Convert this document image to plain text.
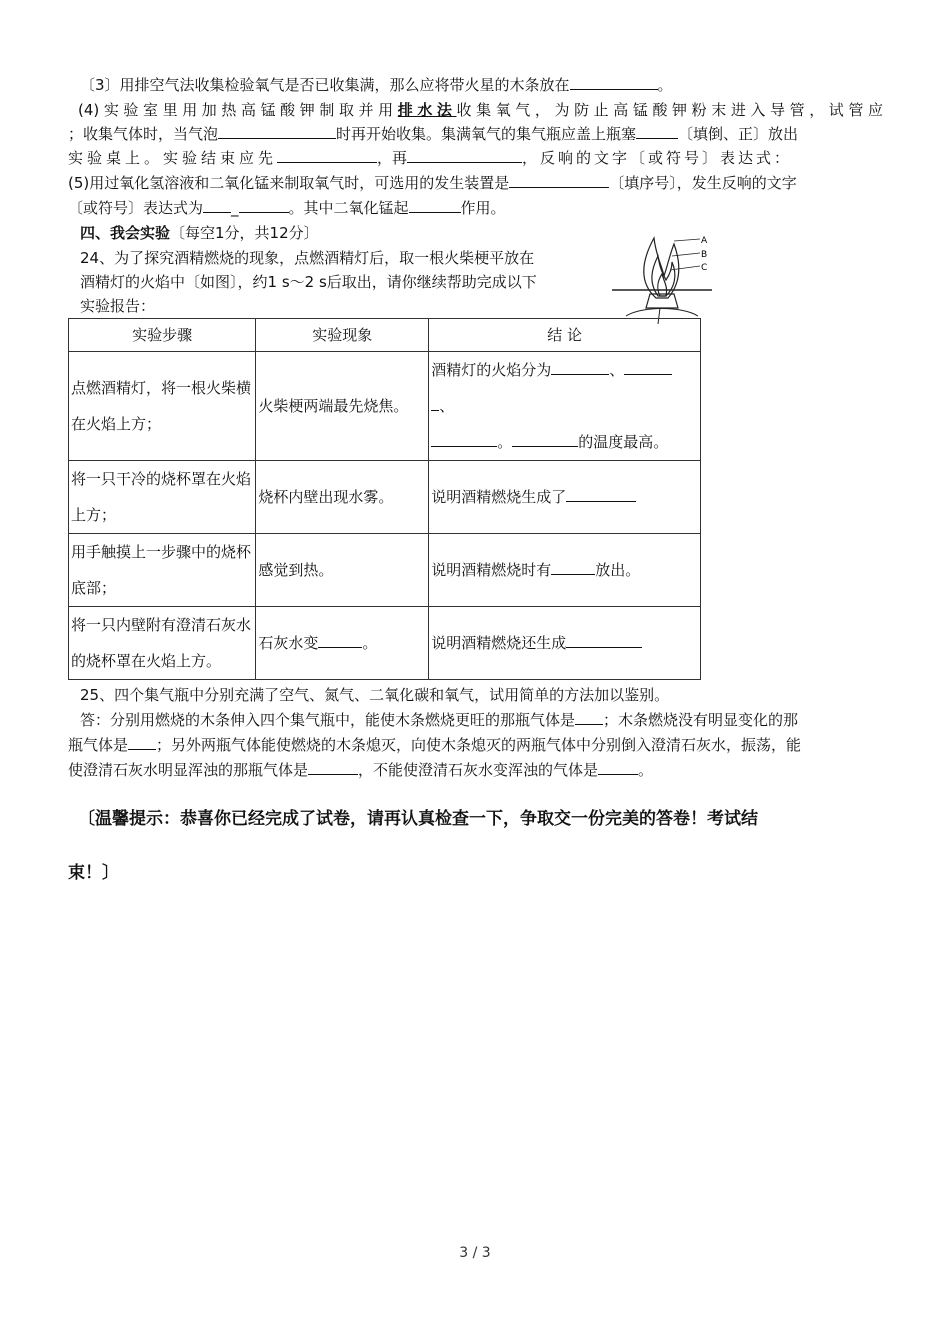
〔3〕用排空气法收集检验氧气是否已收集满，那么应将带火星的木条放在	。
(4)实验室里用加热高锰酸钾制取并用排水法收集氧气，为防止高锰酸钾粉末进入导管，试管应
；收集气体时，当气泡	时再开始收集。集满氧气的集气瓶应盖上瓶塞	〔填倒、正〕放出
实验桌上。实验结束应先	，再	，反响的文字〔或符号〕表达式：
(5)用过氧化氢溶液和二氧化锰来制取氧气时，可选用的发生装置是	〔填序号〕，发生反响的文字
〔或符号〕表达式为 _	。其中二氧化锰起	作用。
四、我会实验〔每空1分，共12分〕
24、为了探究酒精燃烧的现象，点燃酒精灯后，取一根火柴梗平放在
酒精灯的火焰中〔如图〕，约1 s～2 s后取出，请你继续帮助完成以下
实验报告：
A
B
C
实验步骤	实验现象	结 论
点燃酒精灯，将一根火柴横在火焰上方；	火柴梗两端最先烧焦。	酒精灯的火焰分为 、
、
。 的温度最高。
将一只干冷的烧杯罩在火焰上方；	烧杯内壁出现水雾。	说明酒精燃烧生成了
用手触摸上一步骤中的烧杯底部；	感觉到热。	说明酒精燃烧时有 放出。
将一只内壁附有澄清石灰水的烧杯罩在火焰上方。	石灰水变 。	说明酒精燃烧还生成
25、四个集气瓶中分别充满了空气、氮气、二氧化碳和氧气，试用简单的方法加以鉴别。
答：分别用燃烧的木条伸入四个集气瓶中，能使木条燃烧更旺的那瓶气体是 ；木条燃烧没有明显变化的那
瓶气体是 ；另外两瓶气体能使燃烧的木条熄灭，向使木条熄灭的两瓶气体中分别倒入澄清石灰水，振荡，能
使澄清石灰水明显浑浊的那瓶气体是	，不能使澄清石灰水变浑浊的气体是	。
〔温馨提示：恭喜你已经完成了试卷，请再认真检查一下，争取交一份完美的答卷！考试结
束！〕
3 / 3
